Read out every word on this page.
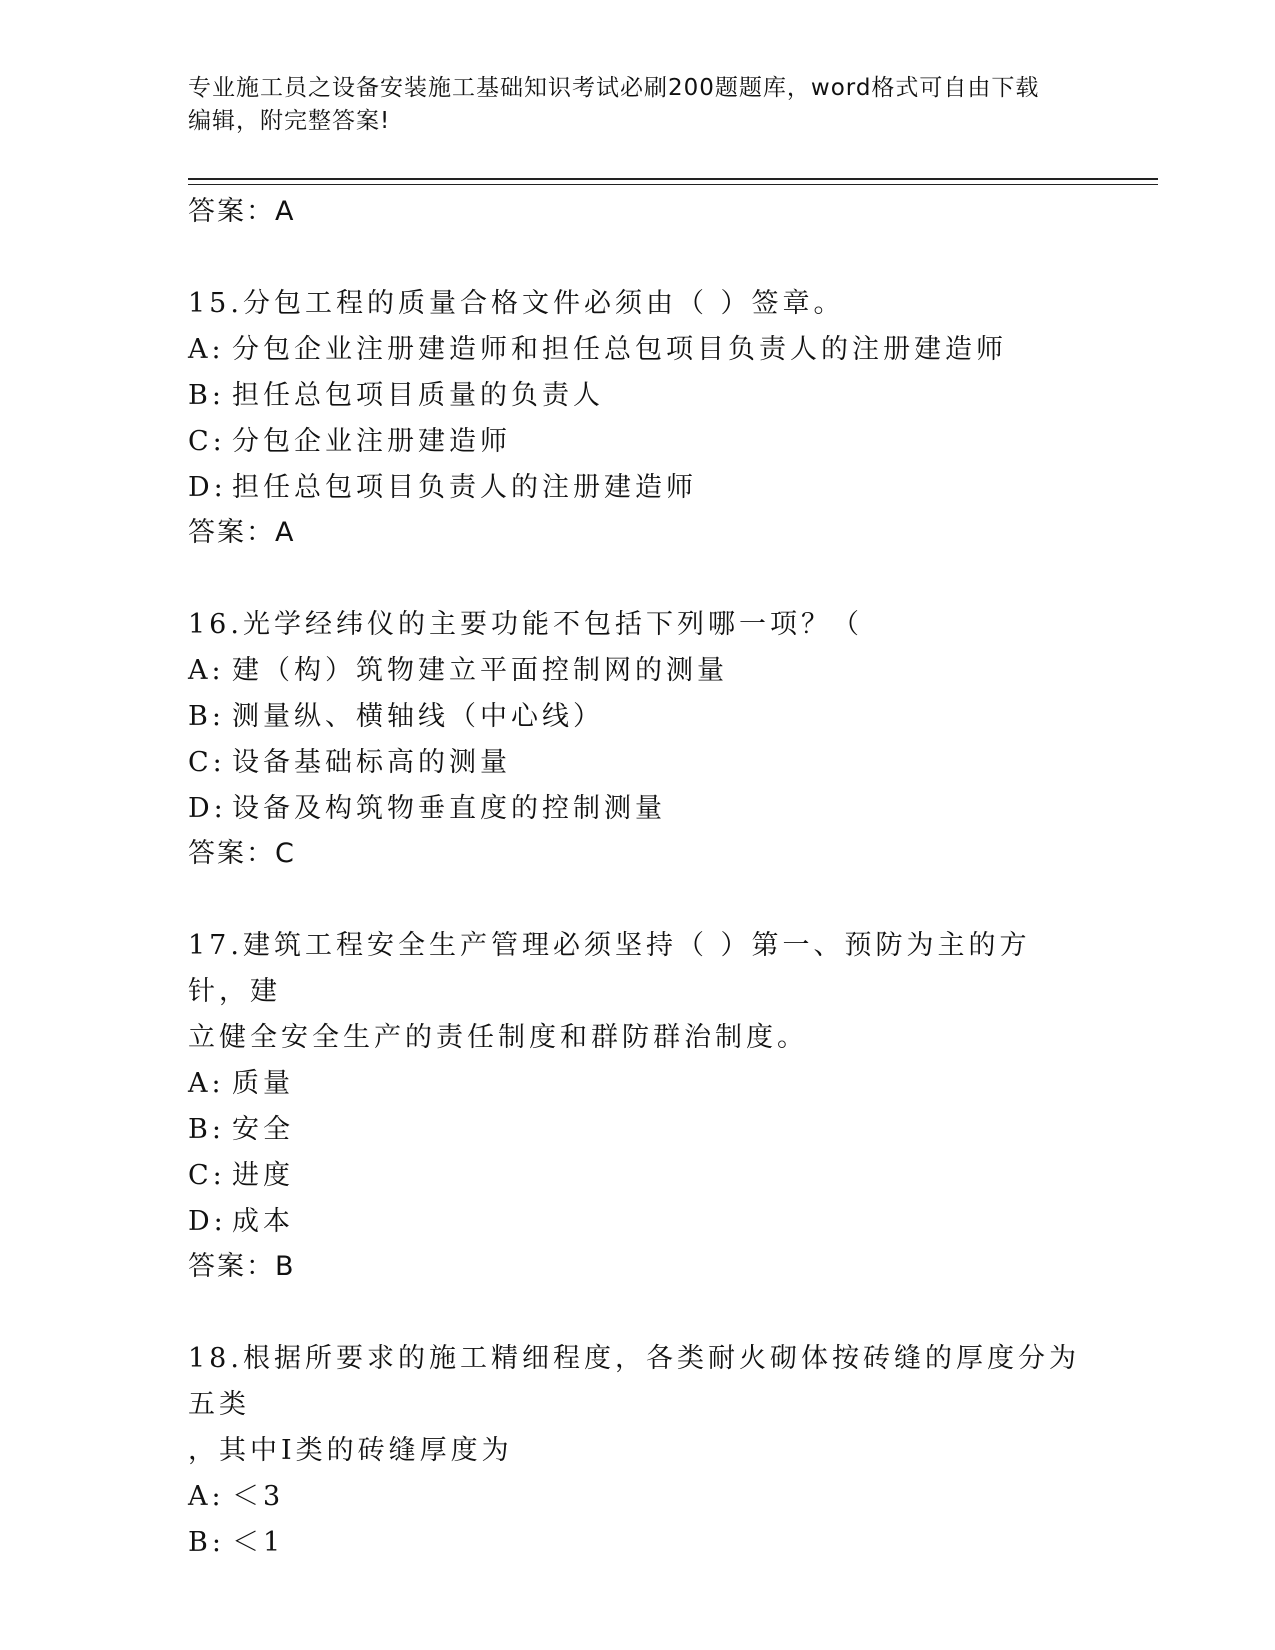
专业施工员之设备安装施工基础知识考试必刷200题题库，word格式可自由下载
编辑，附完整答案!
答案：A
15.分包工程的质量合格文件必须由（ ）签章。
A: 分包企业注册建造师和担任总包项目负责人的注册建造师
B: 担任总包项目质量的负责人
C: 分包企业注册建造师
D: 担任总包项目负责人的注册建造师
答案：A
16.光学经纬仪的主要功能不包括下列哪一项？（
A: 建（构）筑物建立平面控制网的测量
B: 测量纵、横轴线（中心线）
C: 设备基础标高的测量
D: 设备及构筑物垂直度的控制测量
答案：C
17.建筑工程安全生产管理必须坚持（ ）第一、预防为主的方针，建
立健全安全生产的责任制度和群防群治制度。
A: 质量
B: 安全
C: 进度
D: 成本
答案：B
18.根据所要求的施工精细程度，各类耐火砌体按砖缝的厚度分为五类
，其中Ⅰ类的砖缝厚度为
A: ＜3
B: ＜1
